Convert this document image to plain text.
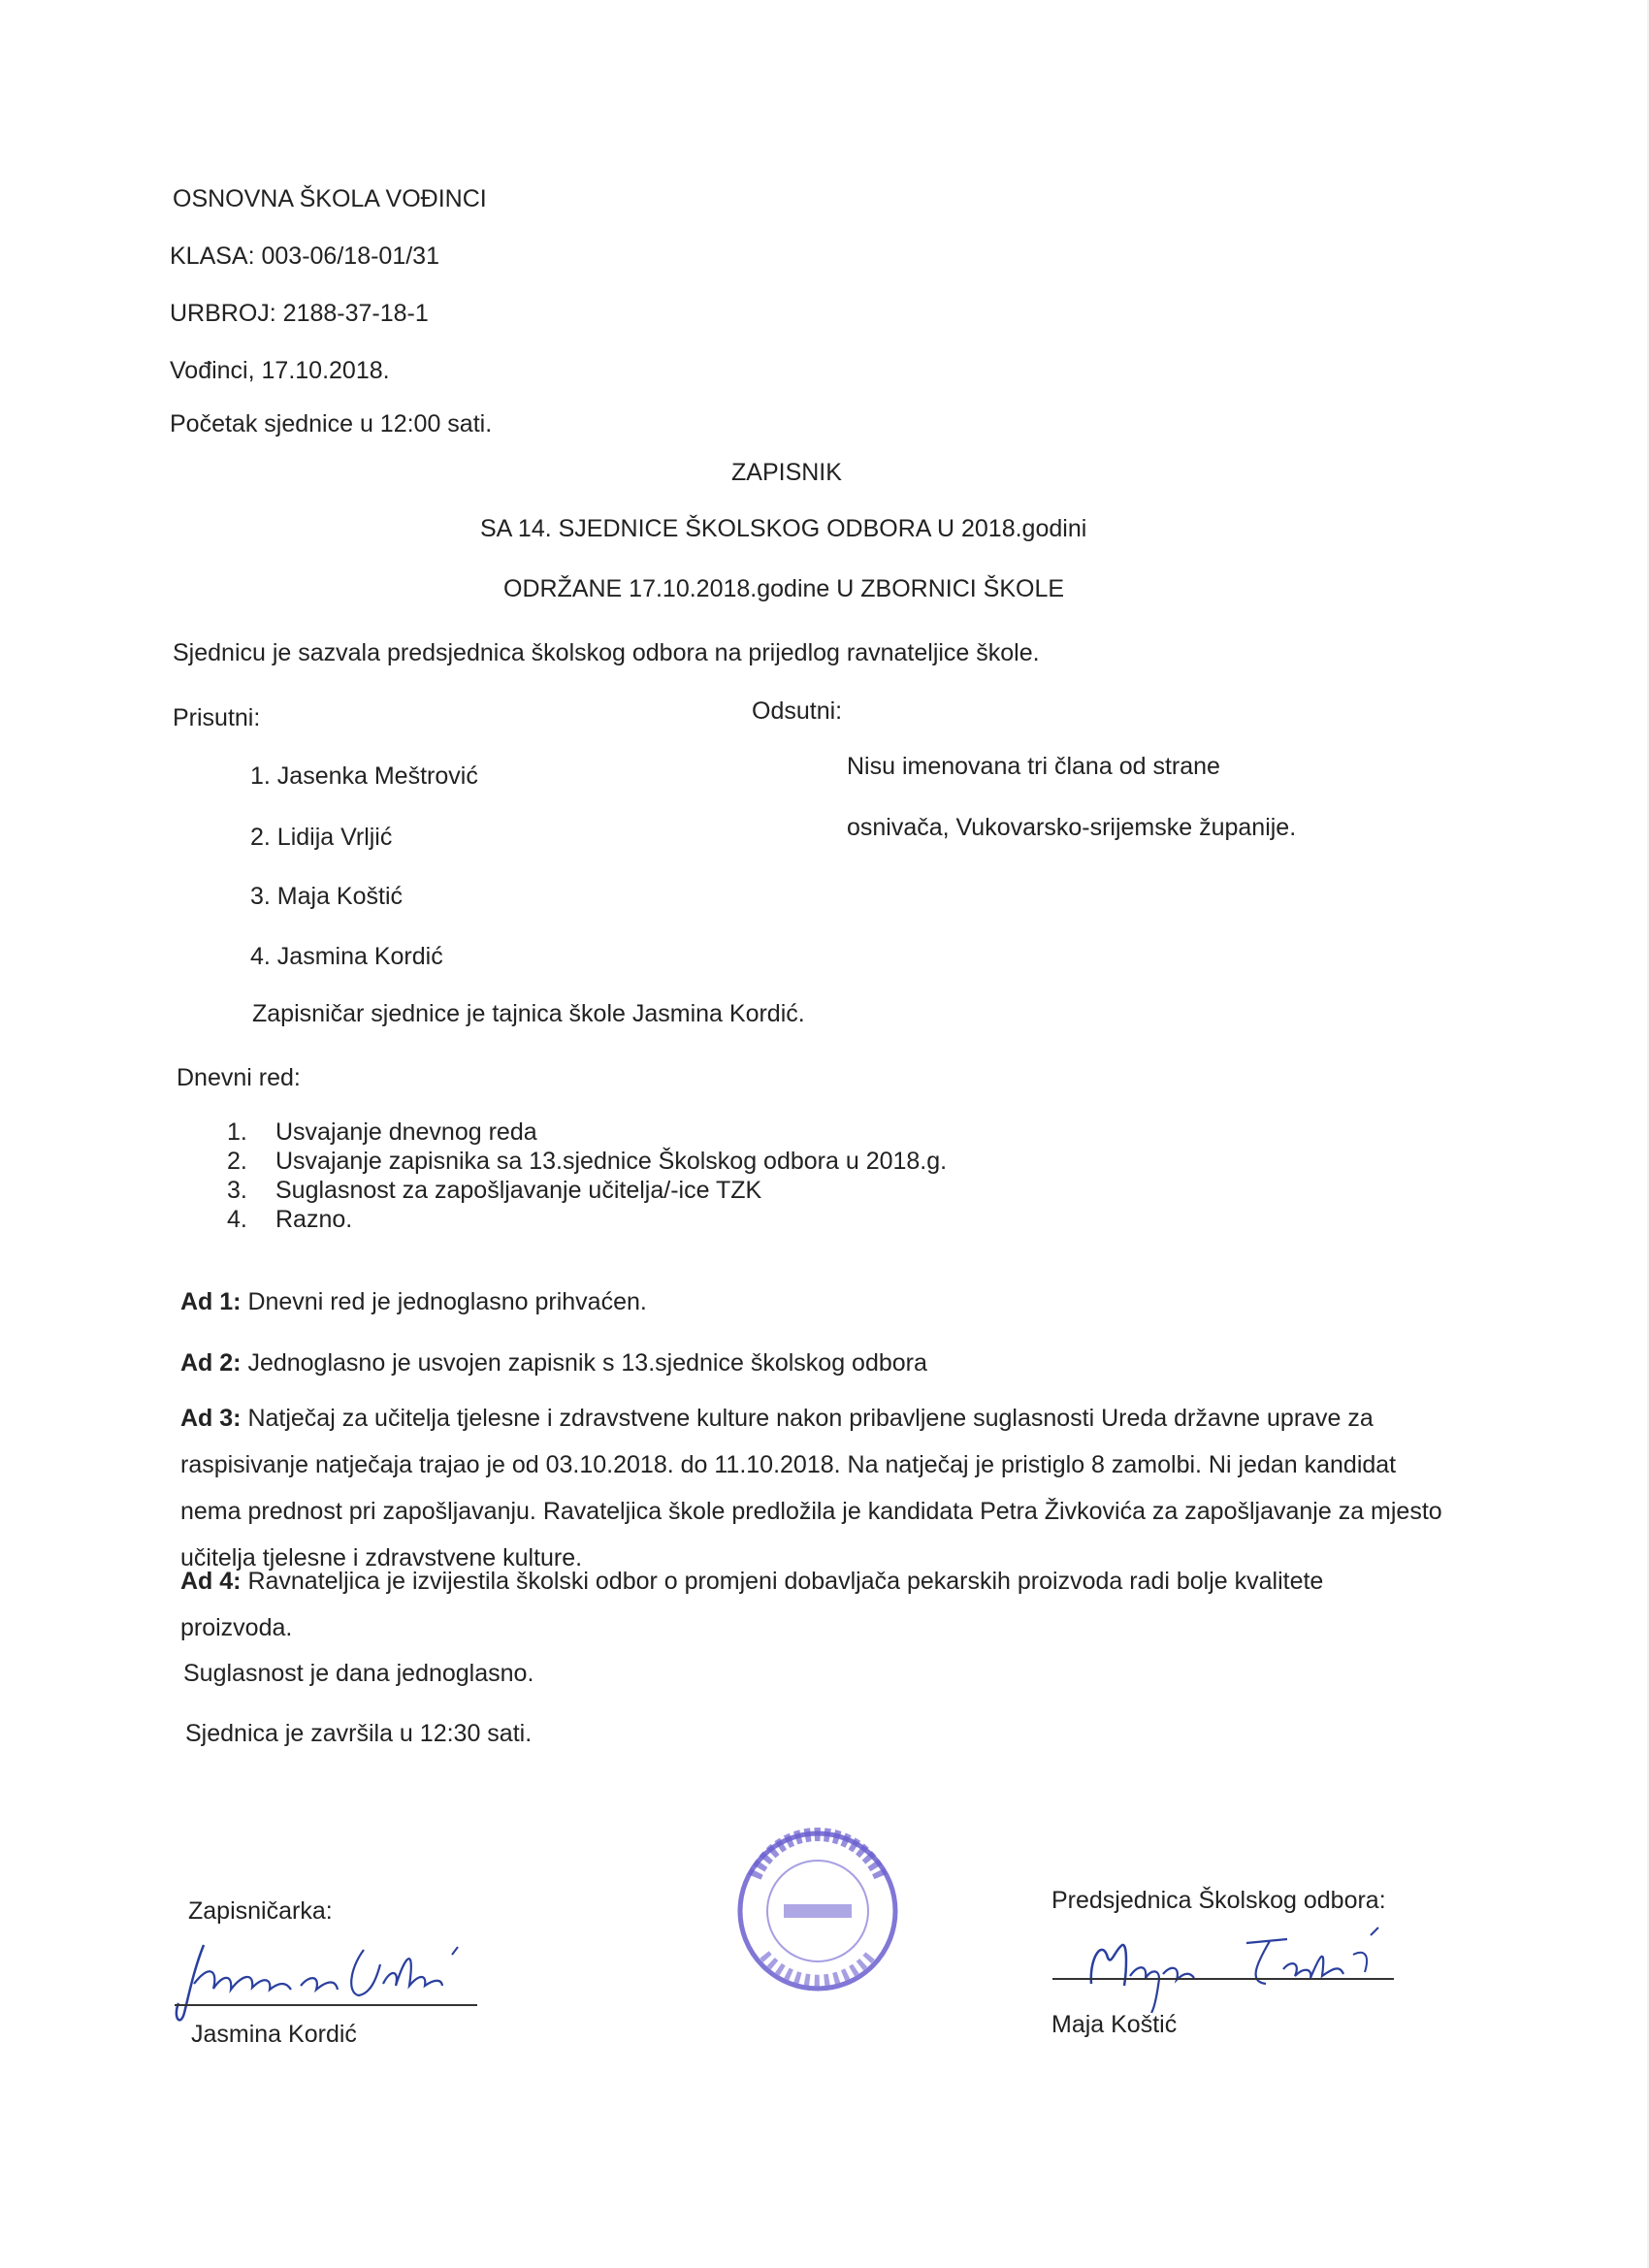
OSNOVNA ŠKOLA VOĐINCI
KLASA: 003-06/18-01/31
URBROJ: 2188-37-18-1
Vođinci, 17.10.2018.
Početak sjednice u 12:00 sati.
ZAPISNIK
SA 14. SJEDNICE ŠKOLSKOG ODBORA U 2018.godini
ODRŽANE 17.10.2018.godine U ZBORNICI ŠKOLE
Sjednicu je sazvala predsjednica školskog odbora na prijedlog ravnateljice škole.
Prisutni:	Odsutni:
1. Jasenka Meštrović
2. Lidija Vrljić
3. Maja Koštić
4. Jasmina Kordić
Nisu imenovana tri člana od strane
osnivača, Vukovarsko-srijemske županije.
Zapisničar sjednice je tajnica škole Jasmina Kordić.
Dnevni red:
1. Usvajanje dnevnog reda
2. Usvajanje zapisnika sa 13.sjednice Školskog odbora u 2018.g.
3. Suglasnost za zapošljavanje učitelja/-ice TZK
4. Razno.
Ad 1: Dnevni red je jednoglasno prihvaćen.
Ad 2: Jednoglasno je usvojen zapisnik s 13.sjednice školskog odbora
Ad 3: Natječaj za učitelja tjelesne i zdravstvene kulture nakon pribavljene suglasnosti Ureda državne uprave za raspisivanje natječaja trajao je od 03.10.2018. do 11.10.2018. Na natječaj je pristiglo 8 zamolbi. Ni jedan kandidat nema prednost pri zapošljavanju. Ravateljica škole predložila je kandidata Petra Živkovića za zapošljavanje za mjesto učitelja tjelesne i zdravstvene kulture.
Ad 4: Ravnateljica je izvijestila školski odbor o promjeni dobavljača pekarskih proizvoda radi bolje kvalitete proizvoda.
Suglasnost je dana jednoglasno.
Sjednica je završila u 12:30 sati.
Zapisničarka:
Jasmina Kordić
Predsjednica Školskog odbora:
Maja Koštić
